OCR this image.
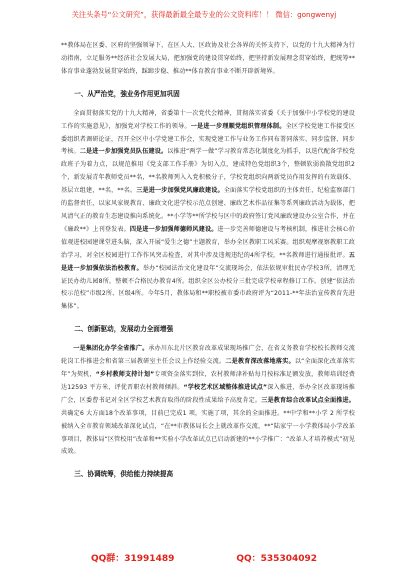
关注头条号“公文研究”，获得最新最全最专业的公文资料库！！ 微信：gongwenyj

**教体局在区委、区府的坚强领导下，在区人大、区政协及社会各界的关怀支持下，以党的十九大精神为行动指南，立足服务**经济社会发展大局，把加强党的建设贯穿始终，把坚持新发展理念贯穿始终，把统筹**体育事业蓬勃发展贯穿始终，踩蹄步稳、推动**体育教育事业不断开辟新境界。

一、从严治党，強业务作用更加巩固

全面贯彻落实党的十九大精神，省委第十一次党代会精神，贯彻落实省委《关于加强中小学校党的建设工作的实施意见》，加强党对学校工作的领导。一是进一步理顺党组织管理体制。全区学校党建工作接受区委组织者调研论证，召开全区中小学党建工作会，实现党建工作与业务工作同布署同落实、同步监督、同步考核。二是进一步加强党员队伍建设。以推进“两学一做”学习教育常态化制度化为抓手，以迭代配备学校党政班子为着力点，以规范推用《党支部工作手册》为切入点，建成特色党组织3个，整顿软弱涣散党组织2个，新发展青年教师党员**名，**名教师列入入党积极分子，学校党组织向两新党员作用发挥的有效载体、基层立组建，**名，**名。三是进一步加强党风廉政建设。全面落实学校党组织的主体责任，纪检监察部门的监督责任，以家风家规教育、廉政文化进学校示范点创建、廉政艺术作品征集等系列廉政活动为载体，把风清气正的教育生态建设推向系统化。**小学等**所学校与区中的政府签订党风廉政建设办公室合作，并在《廉政**》上刊登发表。四是进一步加强师德师风建设。进一步完善师德建设与考核机制，推进社会核心价值观进校园建课堂进头脑，深入开展“爱生之德”主题教育，举办全区教职工风采赛。组织观摩视察教职工政治学习，对全区校园进行工作作风突击检查，对其中涉及违规违纪的4所学校，**名教师进行通报批评。五是进一步加强依法治校教育。举办“校园法治文化建设年”交流现场会，依法依规审批民办学校3所，清理无证民办幼儿园8所，整顿不合格民办教育4所。组织全区公办校分三批完成学校章程修订工作。创建“依法治校示范校”市级2所、区级4所。今年5月，教体局和**职校被市委市政府评为“2011-**年法治宣传教育先进集体”。

二、创新驱动，发展动力全面增强

一是集团化办学全省推广。承办川东北片区教育改革成果现场推广会，在省义务教育学校校长教师交流轮岗工作推进会和省第三届教研室主任会议上作经验交流。二是教育深改落地落实。以“全面深化改革落实年”为契机，“乡村教师支持计划”专项资金落实到位，农村教师津补贴每月按标准足额发放，教师培训经费达12593 平方米，评优晋职农村教师倾斜。“学校艺术区域整体推进试点”深入推进，举办全区改革现场推广会，区委曹书记对全区学校艺术教育取得的阶段性成果给予高度肯定。三是教育综合改革试点全面推进。共确定6 大方面18个改革事项，目前已完成1 项，实施了项，其余的全面推进。**中学和**小学 2 所学校被纳入全市教育领域改革深化试点，“在**市教体局长会上就改革作交流，**“陆家宁一小学教体局小学改革事项目，教体局“区管校用”改革和**实验小学改革试点已启动新建的**小学推广：“改革人才培养模式”初见成效。

三、协调统筹，供给能力持续提高
QQ群：31991489	QQ：535304092
